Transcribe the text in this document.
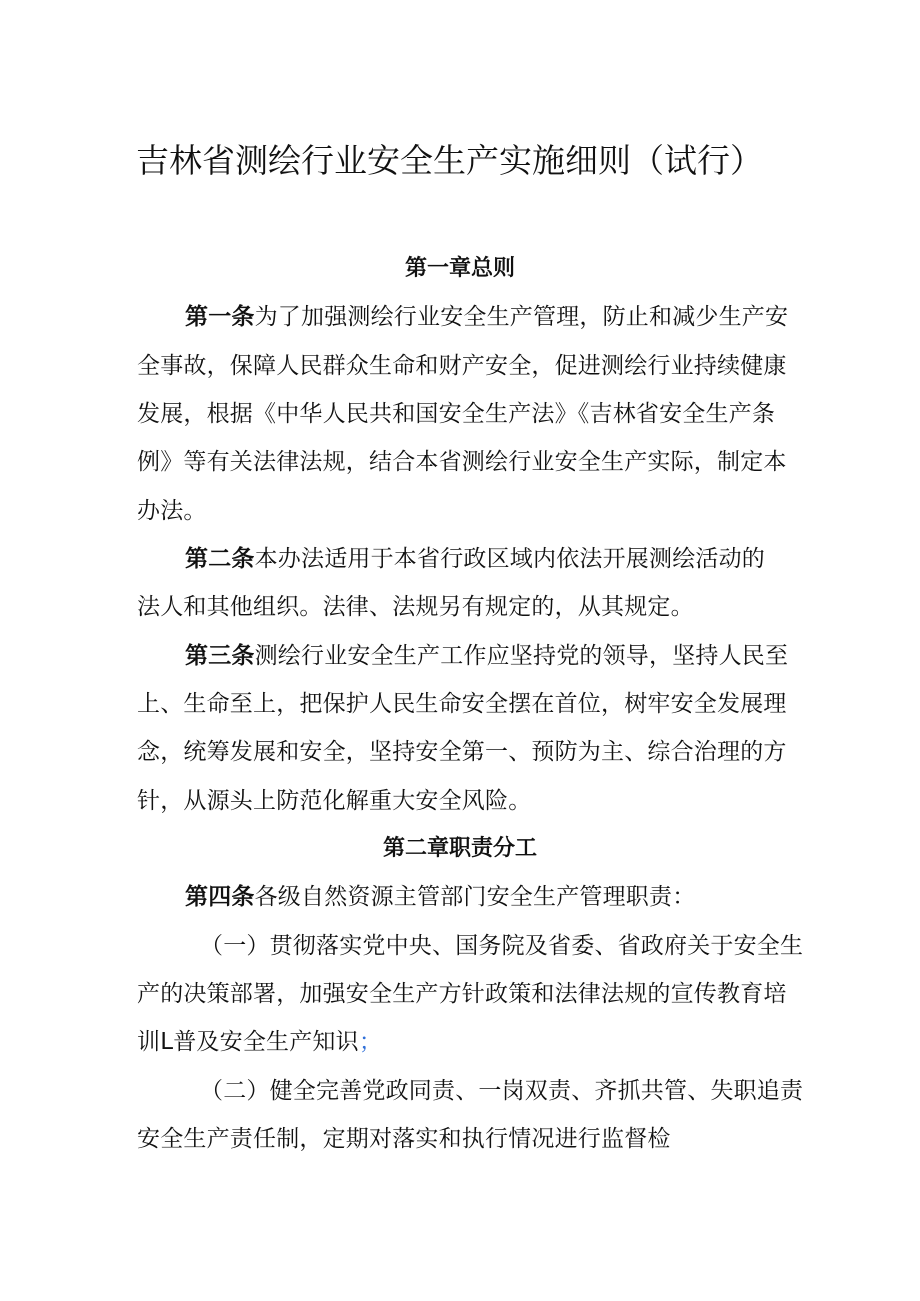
吉林省测绘行业安全生产实施细则（试行）
第一章总则
第一条为了加强测绘行业安全生产管理，防止和减少生产安
全事故，保障人民群众生命和财产安全，促进测绘行业持续健康
发展，根据《中华人民共和国安全生产法》《吉林省安全生产条
例》等有关法律法规，结合本省测绘行业安全生产实际，制定本
办法。
第二条本办法适用于本省行政区域内依法开展测绘活动的
法人和其他组织。法律、法规另有规定的，从其规定。
第三条测绘行业安全生产工作应坚持党的领导，坚持人民至
上、生命至上，把保护人民生命安全摆在首位，树牢安全发展理
念，统筹发展和安全，坚持安全第一、预防为主、综合治理的方
针，从源头上防范化解重大安全风险。
第二章职责分工
第四条各级自然资源主管部门安全生产管理职责：
（一）贯彻落实党中央、国务院及省委、省政府关于安全生
产的决策部署，加强安全生产方针政策和法律法规的宣传教育培
训L普及安全生产知识；
（二）健全完善党政同责、一岗双责、齐抓共管、失职追责
安全生产责任制，定期对落实和执行情况进行监督检
